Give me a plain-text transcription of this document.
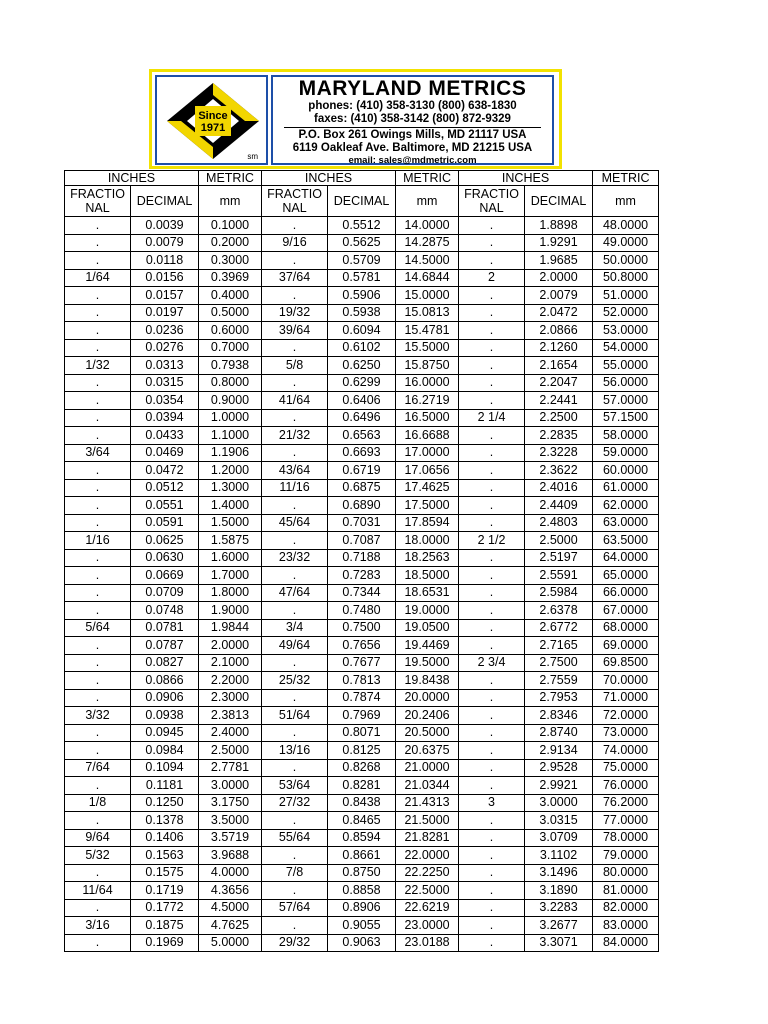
Since
1971
sm
MARYLAND METRICS
phones: (410) 358-3130 (800) 638-1830
faxes: (410) 358-3142 (800) 872-9329
P.O. Box 261 Owings Mills, MD 21117 USA
6119 Oakleaf Ave. Baltimore, MD 21215 USA
email: sales@mdmetric.com
INCHES		METRIC	INCHES		METRIC	INCHES		METRIC
FRACTIO NAL	DECIMAL	mm	FRACTIO NAL	DECIMAL	mm	FRACTIO NAL	DECIMAL	mm
.	0.0039	0.1000	.	0.5512	14.0000	.	1.8898	48.0000
.	0.0079	0.2000	9/16	0.5625	14.2875	.	1.9291	49.0000
.	0.0118	0.3000	.	0.5709	14.5000	.	1.9685	50.0000
1/64	0.0156	0.3969	37/64	0.5781	14.6844	2	2.0000	50.8000
.	0.0157	0.4000	.	0.5906	15.0000	.	2.0079	51.0000
.	0.0197	0.5000	19/32	0.5938	15.0813	.	2.0472	52.0000
.	0.0236	0.6000	39/64	0.6094	15.4781	.	2.0866	53.0000
.	0.0276	0.7000	.	0.6102	15.5000	.	2.1260	54.0000
1/32	0.0313	0.7938	5/8	0.6250	15.8750	.	2.1654	55.0000
.	0.0315	0.8000	.	0.6299	16.0000	.	2.2047	56.0000
.	0.0354	0.9000	41/64	0.6406	16.2719	.	2.2441	57.0000
.	0.0394	1.0000	.	0.6496	16.5000	2 1/4	2.2500	57.1500
.	0.0433	1.1000	21/32	0.6563	16.6688	.	2.2835	58.0000
3/64	0.0469	1.1906	.	0.6693	17.0000	.	2.3228	59.0000
.	0.0472	1.2000	43/64	0.6719	17.0656	.	2.3622	60.0000
.	0.0512	1.3000	11/16	0.6875	17.4625	.	2.4016	61.0000
.	0.0551	1.4000	.	0.6890	17.5000	.	2.4409	62.0000
.	0.0591	1.5000	45/64	0.7031	17.8594	.	2.4803	63.0000
1/16	0.0625	1.5875	.	0.7087	18.0000	2 1/2	2.5000	63.5000
.	0.0630	1.6000	23/32	0.7188	18.2563	.	2.5197	64.0000
.	0.0669	1.7000	.	0.7283	18.5000	.	2.5591	65.0000
.	0.0709	1.8000	47/64	0.7344	18.6531	.	2.5984	66.0000
.	0.0748	1.9000	.	0.7480	19.0000	.	2.6378	67.0000
5/64	0.0781	1.9844	3/4	0.7500	19.0500	.	2.6772	68.0000
.	0.0787	2.0000	49/64	0.7656	19.4469	.	2.7165	69.0000
.	0.0827	2.1000	.	0.7677	19.5000	2 3/4	2.7500	69.8500
.	0.0866	2.2000	25/32	0.7813	19.8438	.	2.7559	70.0000
.	0.0906	2.3000	.	0.7874	20.0000	.	2.7953	71.0000
3/32	0.0938	2.3813	51/64	0.7969	20.2406	.	2.8346	72.0000
.	0.0945	2.4000	.	0.8071	20.5000	.	2.8740	73.0000
.	0.0984	2.5000	13/16	0.8125	20.6375	.	2.9134	74.0000
7/64	0.1094	2.7781	.	0.8268	21.0000	.	2.9528	75.0000
.	0.1181	3.0000	53/64	0.8281	21.0344	.	2.9921	76.0000
1/8	0.1250	3.1750	27/32	0.8438	21.4313	3	3.0000	76.2000
.	0.1378	3.5000	.	0.8465	21.5000	.	3.0315	77.0000
9/64	0.1406	3.5719	55/64	0.8594	21.8281	.	3.0709	78.0000
5/32	0.1563	3.9688	.	0.8661	22.0000	.	3.1102	79.0000
.	0.1575	4.0000	7/8	0.8750	22.2250	.	3.1496	80.0000
11/64	0.1719	4.3656	.	0.8858	22.5000	.	3.1890	81.0000
.	0.1772	4.5000	57/64	0.8906	22.6219	.	3.2283	82.0000
3/16	0.1875	4.7625	.	0.9055	23.0000	.	3.2677	83.0000
.	0.1969	5.0000	29/32	0.9063	23.0188	.	3.3071	84.0000
